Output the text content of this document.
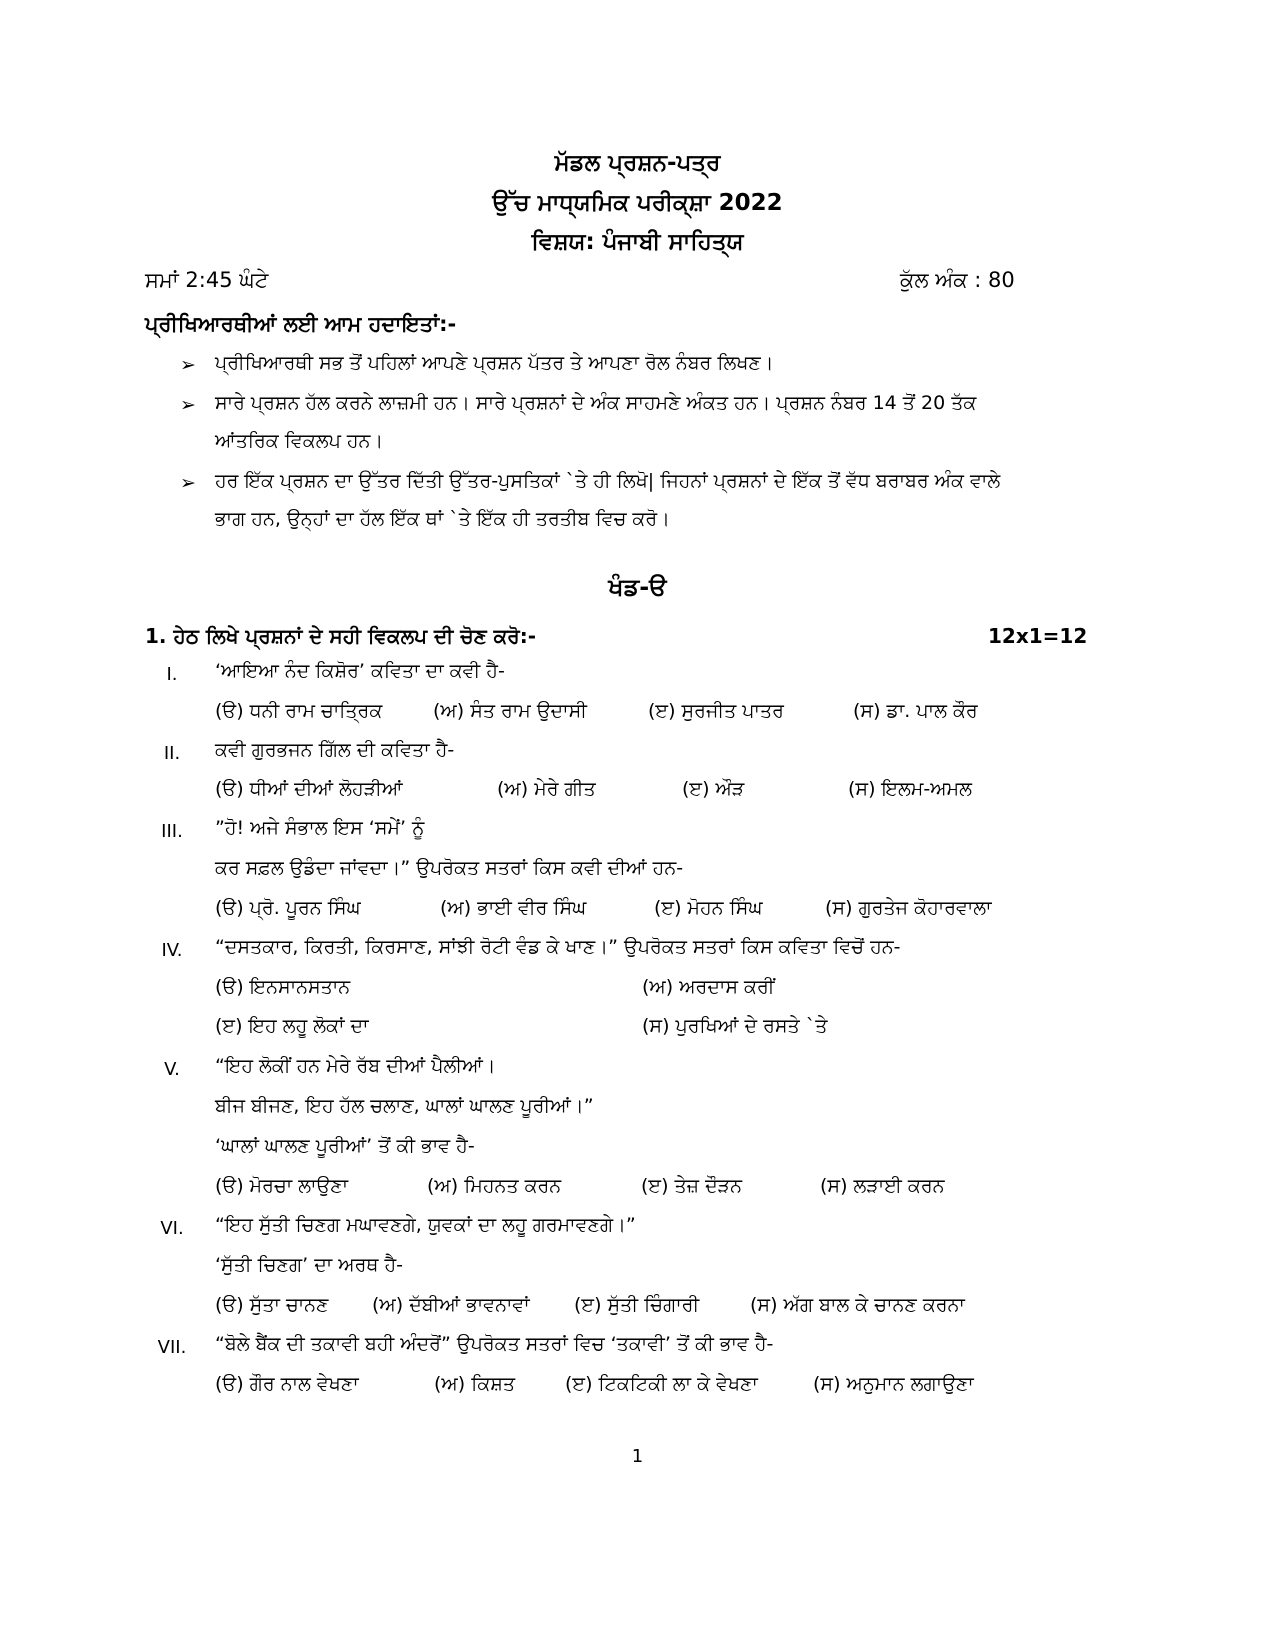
ਮੱਡਲ ਪ੍ਰਸ਼ਨ-ਪਤ੍ਰ
ਉੱਚ ਮਾਧ੍ਯਮਿਕ ਪਰੀਕ੍ਸ਼ਾ 2022
ਵਿਸ਼ਯ: ਪੰਜਾਬੀ ਸਾਹਿਤ੍ਯ
ਸਮਾਂ 2:45 ਘੰਟੇ	ਕੁੱਲ ਅੰਕ : 80
ਪ੍ਰੀਖਿਆਰਥੀਆਂ ਲਈ ਆਮ ਹਦਾਇਤਾਂ:-
➢ ਪ੍ਰੀਖਿਆਰਥੀ ਸਭ ਤੋਂ ਪਹਿਲਾਂ ਆਪਣੇ ਪ੍ਰਸ਼ਨ ਪੱਤਰ ਤੇ ਆਪਣਾ ਰੋਲ ਨੰਬਰ ਲਿਖਣ।
➢ ਸਾਰੇ ਪ੍ਰਸ਼ਨ ਹੱਲ ਕਰਨੇ ਲਾਜ਼ਮੀ ਹਨ। ਸਾਰੇ ਪ੍ਰਸ਼ਨਾਂ ਦੇ ਅੰਕ ਸਾਹਮਣੇ ਅੰਕਤ ਹਨ। ਪ੍ਰਸ਼ਨ ਨੰਬਰ 14 ਤੋਂ 20 ਤੱਕ
ਆਂਤਰਿਕ ਵਿਕਲਪ ਹਨ।
➢ ਹਰ ਇੱਕ ਪ੍ਰਸ਼ਨ ਦਾ ਉੱਤਰ ਦਿੱਤੀ ਉੱਤਰ-ਪੁਸਤਿਕਾਂ `ਤੇ ਹੀ ਲਿਖੋ| ਜਿਹਨਾਂ ਪ੍ਰਸ਼ਨਾਂ ਦੇ ਇੱਕ ਤੋਂ ਵੱਧ ਬਰਾਬਰ ਅੰਕ ਵਾਲੇ
ਭਾਗ ਹਨ, ਉਨ੍ਹਾਂ ਦਾ ਹੱਲ ਇੱਕ ਥਾਂ `ਤੇ ਇੱਕ ਹੀ ਤਰਤੀਬ ਵਿਚ ਕਰੋ।
ਖੰਡ-ੳ
1. ਹੇਠ ਲਿਖੇ ਪ੍ਰਸ਼ਨਾਂ ਦੇ ਸਹੀ ਵਿਕਲਪ ਦੀ ਚੋਣ ਕਰੋ:-	12x1=12
I.	‘ਆਇਆ ਨੰਦ ਕਿਸ਼ੋਰ’ ਕਵਿਤਾ ਦਾ ਕਵੀ ਹੈ-
(ੳ) ਧਨੀ ਰਾਮ ਚਾਤ੍ਰਿਕ	(ਅ) ਸੰਤ ਰਾਮ ਉਦਾਸੀ	(ੲ) ਸੁਰਜੀਤ ਪਾਤਰ	(ਸ) ਡਾ. ਪਾਲ ਕੌਰ
II.	ਕਵੀ ਗੁਰਭਜਨ ਗਿੱਲ ਦੀ ਕਵਿਤਾ ਹੈ-
(ੳ) ਧੀਆਂ ਦੀਆਂ ਲੋਹੜੀਆਂ	(ਅ) ਮੇਰੇ ਗੀਤ	(ੲ) ਔੜ	(ਸ) ਇਲਮ-ਅਮਲ
III.	”ਹੋ! ਅਜੇ ਸੰਭਾਲ ਇਸ ‘ਸਮੇਂ’ ਨੂੰ
ਕਰ ਸਫ਼ਲ ਉਡੰਦਾ ਜਾਂਵਦਾ।” ਉਪਰੋਕਤ ਸਤਰਾਂ ਕਿਸ ਕਵੀ ਦੀਆਂ ਹਨ-
(ੳ) ਪ੍ਰੋ. ਪੂਰਨ ਸਿੰਘ	(ਅ) ਭਾਈ ਵੀਰ ਸਿੰਘ	(ੲ) ਮੋਹਨ ਸਿੰਘ	(ਸ) ਗੁਰਤੇਜ ਕੋਹਾਰਵਾਲਾ
IV.	“ਦਸਤਕਾਰ, ਕਿਰਤੀ, ਕਿਰਸਾਣ, ਸਾਂਝੀ ਰੋਟੀ ਵੰਡ ਕੇ ਖਾਣ।” ਉਪਰੋਕਤ ਸਤਰਾਂ ਕਿਸ ਕਵਿਤਾ ਵਿਚੋਂ ਹਨ-
(ੳ) ਇਨਸਾਨਸਤਾਨ	(ਅ) ਅਰਦਾਸ ਕਰੀਂ
(ੲ) ਇਹ ਲਹੂ ਲੋਕਾਂ ਦਾ	(ਸ) ਪੁਰਖਿਆਂ ਦੇ ਰਸਤੇ `ਤੇ
V.	“ਇਹ ਲੋਕੀਂ ਹਨ ਮੇਰੇ ਰੱਬ ਦੀਆਂ ਪੈਲੀਆਂ।
ਬੀਜ ਬੀਜਣ, ਇਹ ਹੱਲ ਚਲਾਣ, ਘਾਲਾਂ ਘਾਲਣ ਪੂਰੀਆਂ।”
‘ਘਾਲਾਂ ਘਾਲਣ ਪੂਰੀਆਂ’ ਤੋਂ ਕੀ ਭਾਵ ਹੈ-
(ੳ) ਮੋਰਚਾ ਲਾਉਣਾ	(ਅ) ਮਿਹਨਤ ਕਰਨ	(ੲ) ਤੇਜ਼ ਦੌੜਨ	(ਸ) ਲੜਾਈ ਕਰਨ
VI.	“ਇਹ ਸੁੱਤੀ ਚਿਣਗ ਮਘਾਵਣਗੇ, ਯੁਵਕਾਂ ਦਾ ਲਹੂ ਗਰਮਾਵਣਗੇ।”
‘ਸੁੱਤੀ ਚਿਣਗ’ ਦਾ ਅਰਥ ਹੈ-
(ੳ) ਸੁੱਤਾ ਚਾਨਣ (ਅ) ਦੱਬੀਆਂ ਭਾਵਨਾਵਾਂ (ੲ) ਸੁੱਤੀ ਚਿੰਗਾਰੀ	(ਸ) ਅੱਗ ਬਾਲ ਕੇ ਚਾਨਣ ਕਰਨਾ
VII.	“ਬੋਲੇ ਬੈਂਕ ਦੀ ਤਕਾਵੀ ਬਹੀ ਅੰਦਰੋਂ” ਉਪਰੋਕਤ ਸਤਰਾਂ ਵਿਚ ‘ਤਕਾਵੀ’ ਤੋਂ ਕੀ ਭਾਵ ਹੈ-
(ੳ) ਗੌਰ ਨਾਲ ਵੇਖਣਾ	(ਅ) ਕਿਸ਼ਤ	(ੲ) ਟਿਕਟਿਕੀ ਲਾ ਕੇ ਵੇਖਣਾ	(ਸ) ਅਨੁਮਾਨ ਲਗਾਉਣਾ
1
